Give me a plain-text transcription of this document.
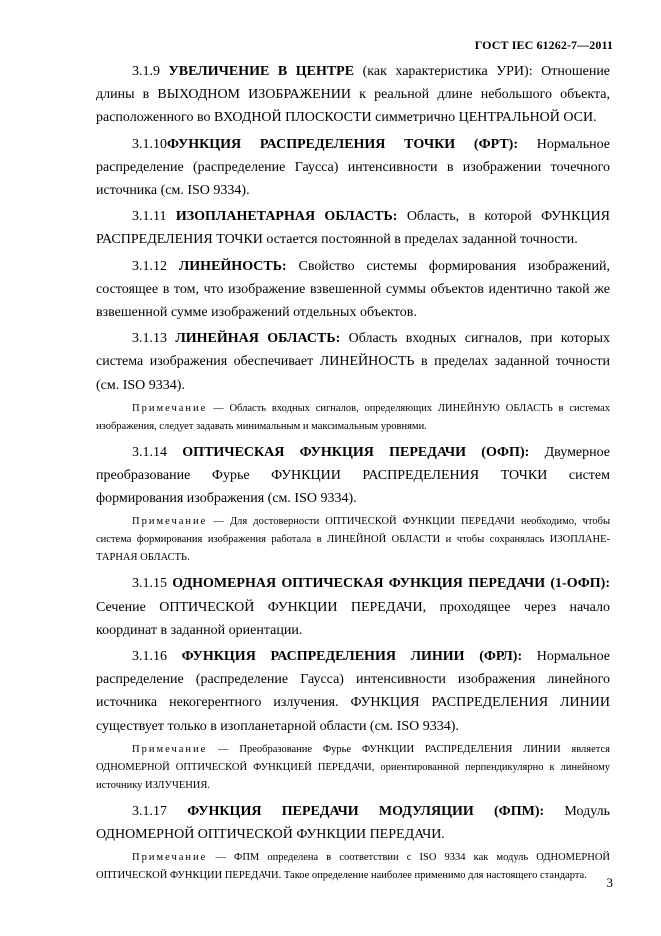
ГОСТ IEC 61262-7—2011

3.1.9 УВЕЛИЧЕНИЕ В ЦЕНТРЕ (как характеристика УРИ): Отношение длины в ВЫХОДНОМ ИЗОБРАЖЕНИИ к реальной длине небольшого объекта, расположенного во ВХОДНОЙ ПЛОСКОСТИ симметрично ЦЕНТРАЛЬНОЙ ОСИ.

3.1.10ФУНКЦИЯ РАСПРЕДЕЛЕНИЯ ТОЧКИ (ФРТ): Нормальное распределение (распределение Гаусса) интенсивности в изображении точечного источника (см. ISO 9334).

3.1.11 ИЗОПЛАНЕТАРНАЯ ОБЛАСТЬ: Область, в которой ФУНКЦИЯ РАСПРЕДЕЛЕНИЯ ТОЧКИ остается постоянной в пределах заданной точности.

3.1.12 ЛИНЕЙНОСТЬ: Свойство системы формирования изображений, состоящее в том, что изображение взвешенной суммы объектов идентично такой же взвешенной сумме изображений отдельных объектов.

3.1.13 ЛИНЕЙНАЯ ОБЛАСТЬ: Область входных сигналов, при которых система изображения обеспечивает ЛИНЕЙНОСТЬ в пределах заданной точности (см. ISO 9334).

Примечание — Область входных сигналов, определяющих ЛИНЕЙНУЮ ОБЛАСТЬ в системах изображения, следует задавать минимальным и максимальным уровнями.

3.1.14 ОПТИЧЕСКАЯ ФУНКЦИЯ ПЕРЕДАЧИ (ОФП): Двумерное преобразование Фурье ФУНКЦИИ РАСПРЕДЕЛЕНИЯ ТОЧКИ систем формирования изображения (см. ISO 9334).

Примечание — Для достоверности ОПТИЧЕСКОЙ ФУНКЦИИ ПЕРЕДАЧИ необходимо, чтобы система формирования изображения работала в ЛИНЕЙНОЙ ОБЛАСТИ и чтобы сохранялась ИЗОПЛАНЕ-ТАРНАЯ ОБЛАСТЬ.

3.1.15 ОДНОМЕРНАЯ ОПТИЧЕСКАЯ ФУНКЦИЯ ПЕРЕДАЧИ (1-ОФП): Сечение ОПТИЧЕСКОЙ ФУНКЦИИ ПЕРЕДАЧИ, проходящее через начало координат в заданной ориентации.

3.1.16 ФУНКЦИЯ РАСПРЕДЕЛЕНИЯ ЛИНИИ (ФРЛ): Нормальное распределение (распределение Гаусса) интенсивности изображения линейного источника некогерентного излучения. ФУНКЦИЯ РАСПРЕДЕЛЕНИЯ ЛИНИИ существует только в изопланетарной области (см. ISO 9334).

Примечание — Преобразование Фурье ФУНКЦИИ РАСПРЕДЕЛЕНИЯ ЛИНИИ является ОДНОМЕРНОЙ ОПТИЧЕСКОЙ ФУНКЦИЕЙ ПЕРЕДАЧИ, ориентированной перпендикулярно к линейному источнику ИЗЛУЧЕНИЯ.

3.1.17 ФУНКЦИЯ ПЕРЕДАЧИ МОДУЛЯЦИИ (ФПМ): Модуль ОДНОМЕРНОЙ ОПТИЧЕСКОЙ ФУНКЦИИ ПЕРЕДАЧИ.

Примечание — ФПМ определена в соответствии с ISO 9334 как модуль ОДНОМЕРНОЙ ОПТИЧЕСКОЙ ФУНКЦИИ ПЕРЕДАЧИ. Такое определение наиболее применимо для настоящего стандарта.	3
